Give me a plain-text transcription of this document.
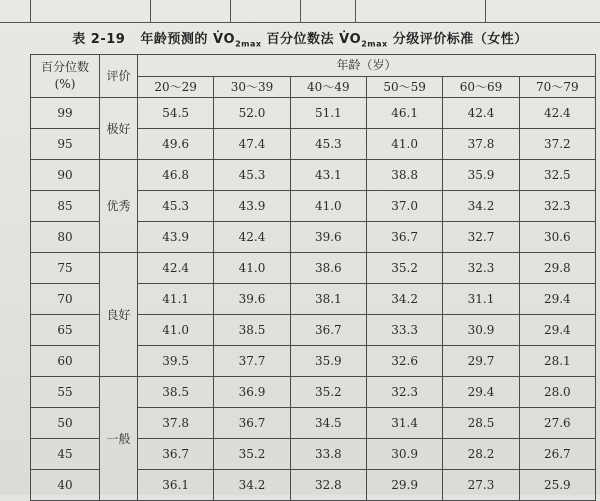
表 2-19 年龄预测的 $V̇O_{2max}$ 百分位数法 $V̇O_{2max}$ 分级评价标准（女性）
百分位数
(%)	评价	年龄（岁）					
		20～29	30～39	40～49	50～59	60～69	70～79
99	极好	54.5	52.0	51.1	46.1	42.4	42.4
95		49.6	47.4	45.3	41.0	37.8	37.2
90	优秀	46.8	45.3	43.1	38.8	35.9	32.5
85		45.3	43.9	41.0	37.0	34.2	32.3
80		43.9	42.4	39.6	36.7	32.7	30.6
75	良好	42.4	41.0	38.6	35.2	32.3	29.8
70		41.1	39.6	38.1	34.2	31.1	29.4
65		41.0	38.5	36.7	33.3	30.9	29.4
60		39.5	37.7	35.9	32.6	29.7	28.1
55	一般	38.5	36.9	35.2	32.3	29.4	28.0
50		37.8	36.7	34.5	31.4	28.5	27.6
45		36.7	35.2	33.8	30.9	28.2	26.7
40		36.1	34.2	32.8	29.9	27.3	25.9
